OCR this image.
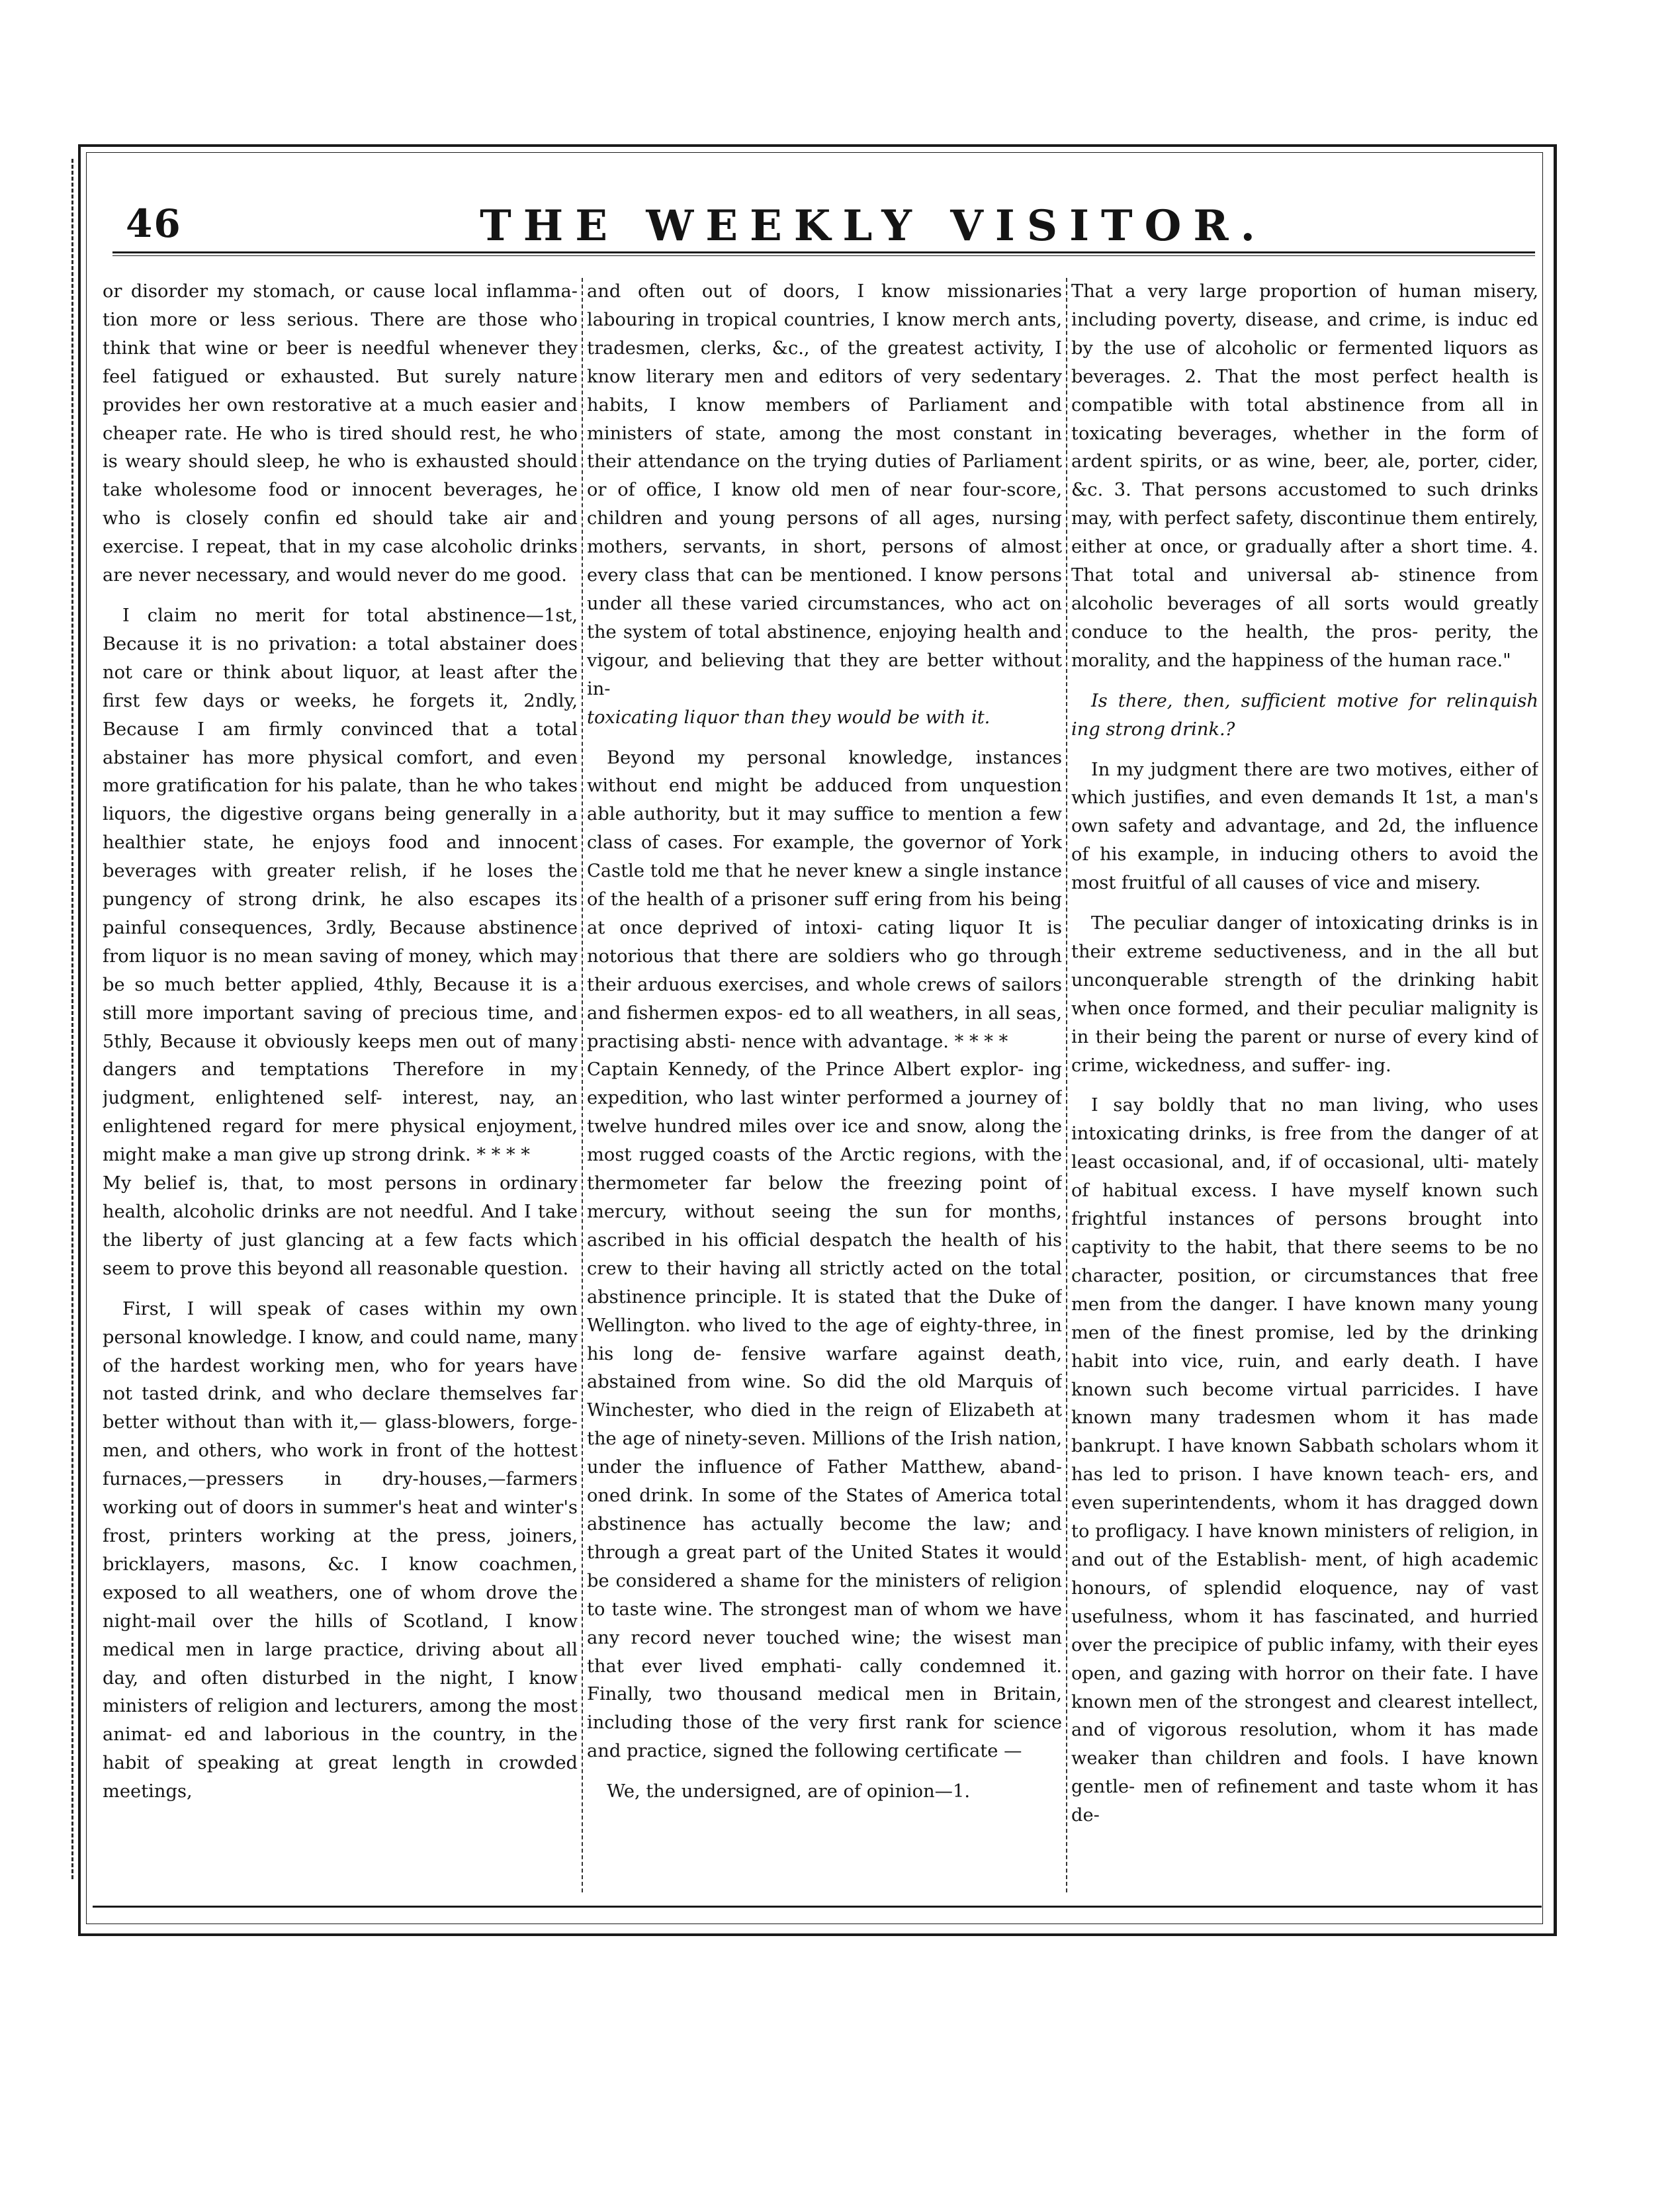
46	THE WEEKLY VISITOR.

or disorder my stomach, or cause local inflamma- tion more or less serious. There are those who think that wine or beer is needful whenever they feel fatigued or exhausted. But surely nature provides her own restorative at a much easier and cheaper rate. He who is tired should rest, he who is weary should sleep, he who is exhausted should take wholesome food or innocent beverages, he who is closely confin ed should take air and exercise. I repeat, that in my case alcoholic drinks are never necessary, and would never do me good.

I claim no merit for total abstinence—1st, Because it is no privation: a total abstainer does not care or think about liquor, at least after the first few days or weeks, he forgets it, 2ndly, Because I am firmly convinced that a total abstainer has more physical comfort, and even more gratification for his palate, than he who takes liquors, the digestive organs being generally in a healthier state, he enjoys food and innocent beverages with greater relish, if he loses the pungency of strong drink, he also escapes its painful consequences, 3rdly, Because abstinence from liquor is no mean saving of money, which may be so much better applied, 4thly, Because it is a still more important saving of precious time, and 5thly, Because it obviously keeps men out of many dangers and temptations Therefore in my judgment, enlightened self- interest, nay, an enlightened regard for mere physical enjoyment, might make a man give up strong drink. * * * *

My belief is, that, to most persons in ordinary health, alcoholic drinks are not needful. And I take the liberty of just glancing at a few facts which seem to prove this beyond all reasonable question.

First, I will speak of cases within my own personal knowledge. I know, and could name, many of the hardest working men, who for years have not tasted drink, and who declare themselves far better without than with it,— glass-blowers, forge-men, and others, who work in front of the hottest furnaces,—pressers in dry-houses,—farmers working out of doors in summer's heat and winter's frost, printers working at the press, joiners, bricklayers, masons, &c. I know coachmen, exposed to all weathers, one of whom drove the night-mail over the hills of Scotland, I know medical men in large practice, driving about all day, and often disturbed in the night, I know ministers of religion and lecturers, among the most animat- ed and laborious in the country, in the habit of speaking at great length in crowded meetings,

and often out of doors, I know missionaries labouring in tropical countries, I know merch ants, tradesmen, clerks, &c., of the greatest activity, I know literary men and editors of very sedentary habits, I know members of Parliament and ministers of state, among the most constant in their attendance on the trying duties of Parliament or of office, I know old men of near four-score, children and young persons of all ages, nursing mothers, servants, in short, persons of almost every class that can be mentioned. I know persons under all these varied circumstances, who act on the system of total abstinence, enjoying health and vigour, and believing that they are better without in-

toxicating liquor than they would be with it.

Beyond my personal knowledge, instances without end might be adduced from unquestion able authority, but it may suffice to mention a few class of cases. For example, the governor of York Castle told me that he never knew a single instance of the health of a prisoner suff ering from his being at once deprived of intoxi- cating liquor It is notorious that there are soldiers who go through their arduous exercises, and whole crews of sailors and fishermen expos- ed to all weathers, in all seas, practising absti- nence with advantage. * * * *

Captain Kennedy, of the Prince Albert explor- ing expedition, who last winter performed a journey of twelve hundred miles over ice and snow, along the most rugged coasts of the Arctic regions, with the thermometer far below the freezing point of mercury, without seeing the sun for months, ascribed in his official despatch the health of his crew to their having all strictly acted on the total abstinence principle. It is stated that the Duke of Wellington. who lived to the age of eighty-three, in his long de- fensive warfare against death, abstained from wine. So did the old Marquis of Winchester, who died in the reign of Elizabeth at the age of ninety-seven. Millions of the Irish nation, under the influence of Father Matthew, aband- oned drink. In some of the States of America total abstinence has actually become the law; and through a great part of the United States it would be considered a shame for the ministers of religion to taste wine. The strongest man of whom we have any record never touched wine; the wisest man that ever lived emphati- cally condemned it. Finally, two thousand medical men in Britain, including those of the very first rank for science and practice, signed the following certificate —

We, the undersigned, are of opinion—1.

That a very large proportion of human misery, including poverty, disease, and crime, is induc ed by the use of alcoholic or fermented liquors as beverages. 2. That the most perfect health is compatible with total abstinence from all in toxicating beverages, whether in the form of ardent spirits, or as wine, beer, ale, porter, cider, &c. 3. That persons accustomed to such drinks may, with perfect safety, discontinue them entirely, either at once, or gradually after a short time. 4. That total and universal ab- stinence from alcoholic beverages of all sorts would greatly conduce to the health, the pros- perity, the morality, and the happiness of the human race."

Is there, then, sufficient motive for relinquish ing strong drink.?

In my judgment there are two motives, either of which justifies, and even demands It 1st, a man's own safety and advantage, and 2d, the influence of his example, in inducing others to avoid the most fruitful of all causes of vice and misery.

The peculiar danger of intoxicating drinks is in their extreme seductiveness, and in the all but unconquerable strength of the drinking habit when once formed, and their peculiar malignity is in their being the parent or nurse of every kind of crime, wickedness, and suffer- ing.

I say boldly that no man living, who uses intoxicating drinks, is free from the danger of at least occasional, and, if of occasional, ulti- mately of habitual excess. I have myself known such frightful instances of persons brought into captivity to the habit, that there seems to be no character, position, or circumstances that free men from the danger. I have known many young men of the finest promise, led by the drinking habit into vice, ruin, and early death. I have known such become virtual parricides. I have known many tradesmen whom it has made bankrupt. I have known Sabbath scholars whom it has led to prison. I have known teach- ers, and even superintendents, whom it has dragged down to profligacy. I have known ministers of religion, in and out of the Establish- ment, of high academic honours, of splendid eloquence, nay of vast usefulness, whom it has fascinated, and hurried over the precipice of public infamy, with their eyes open, and gazing with horror on their fate. I have known men of the strongest and clearest intellect, and of vigorous resolution, whom it has made weaker than children and fools. I have known gentle- men of refinement and taste whom it has de-
